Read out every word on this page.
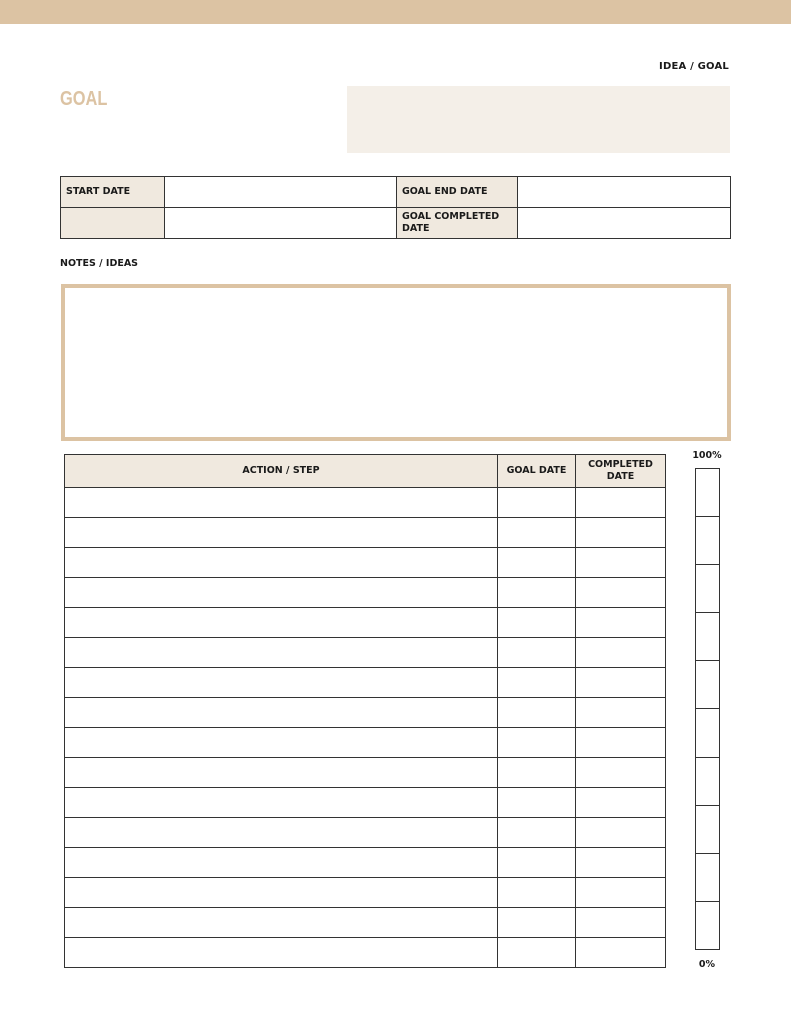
IDEA / GOAL
GOAL
START DATE		GOAL END DATE	
		GOAL COMPLETED DATE	
NOTES / IDEAS
ACTION / STEP	GOAL DATE	COMPLETED DATE

100%
0%
